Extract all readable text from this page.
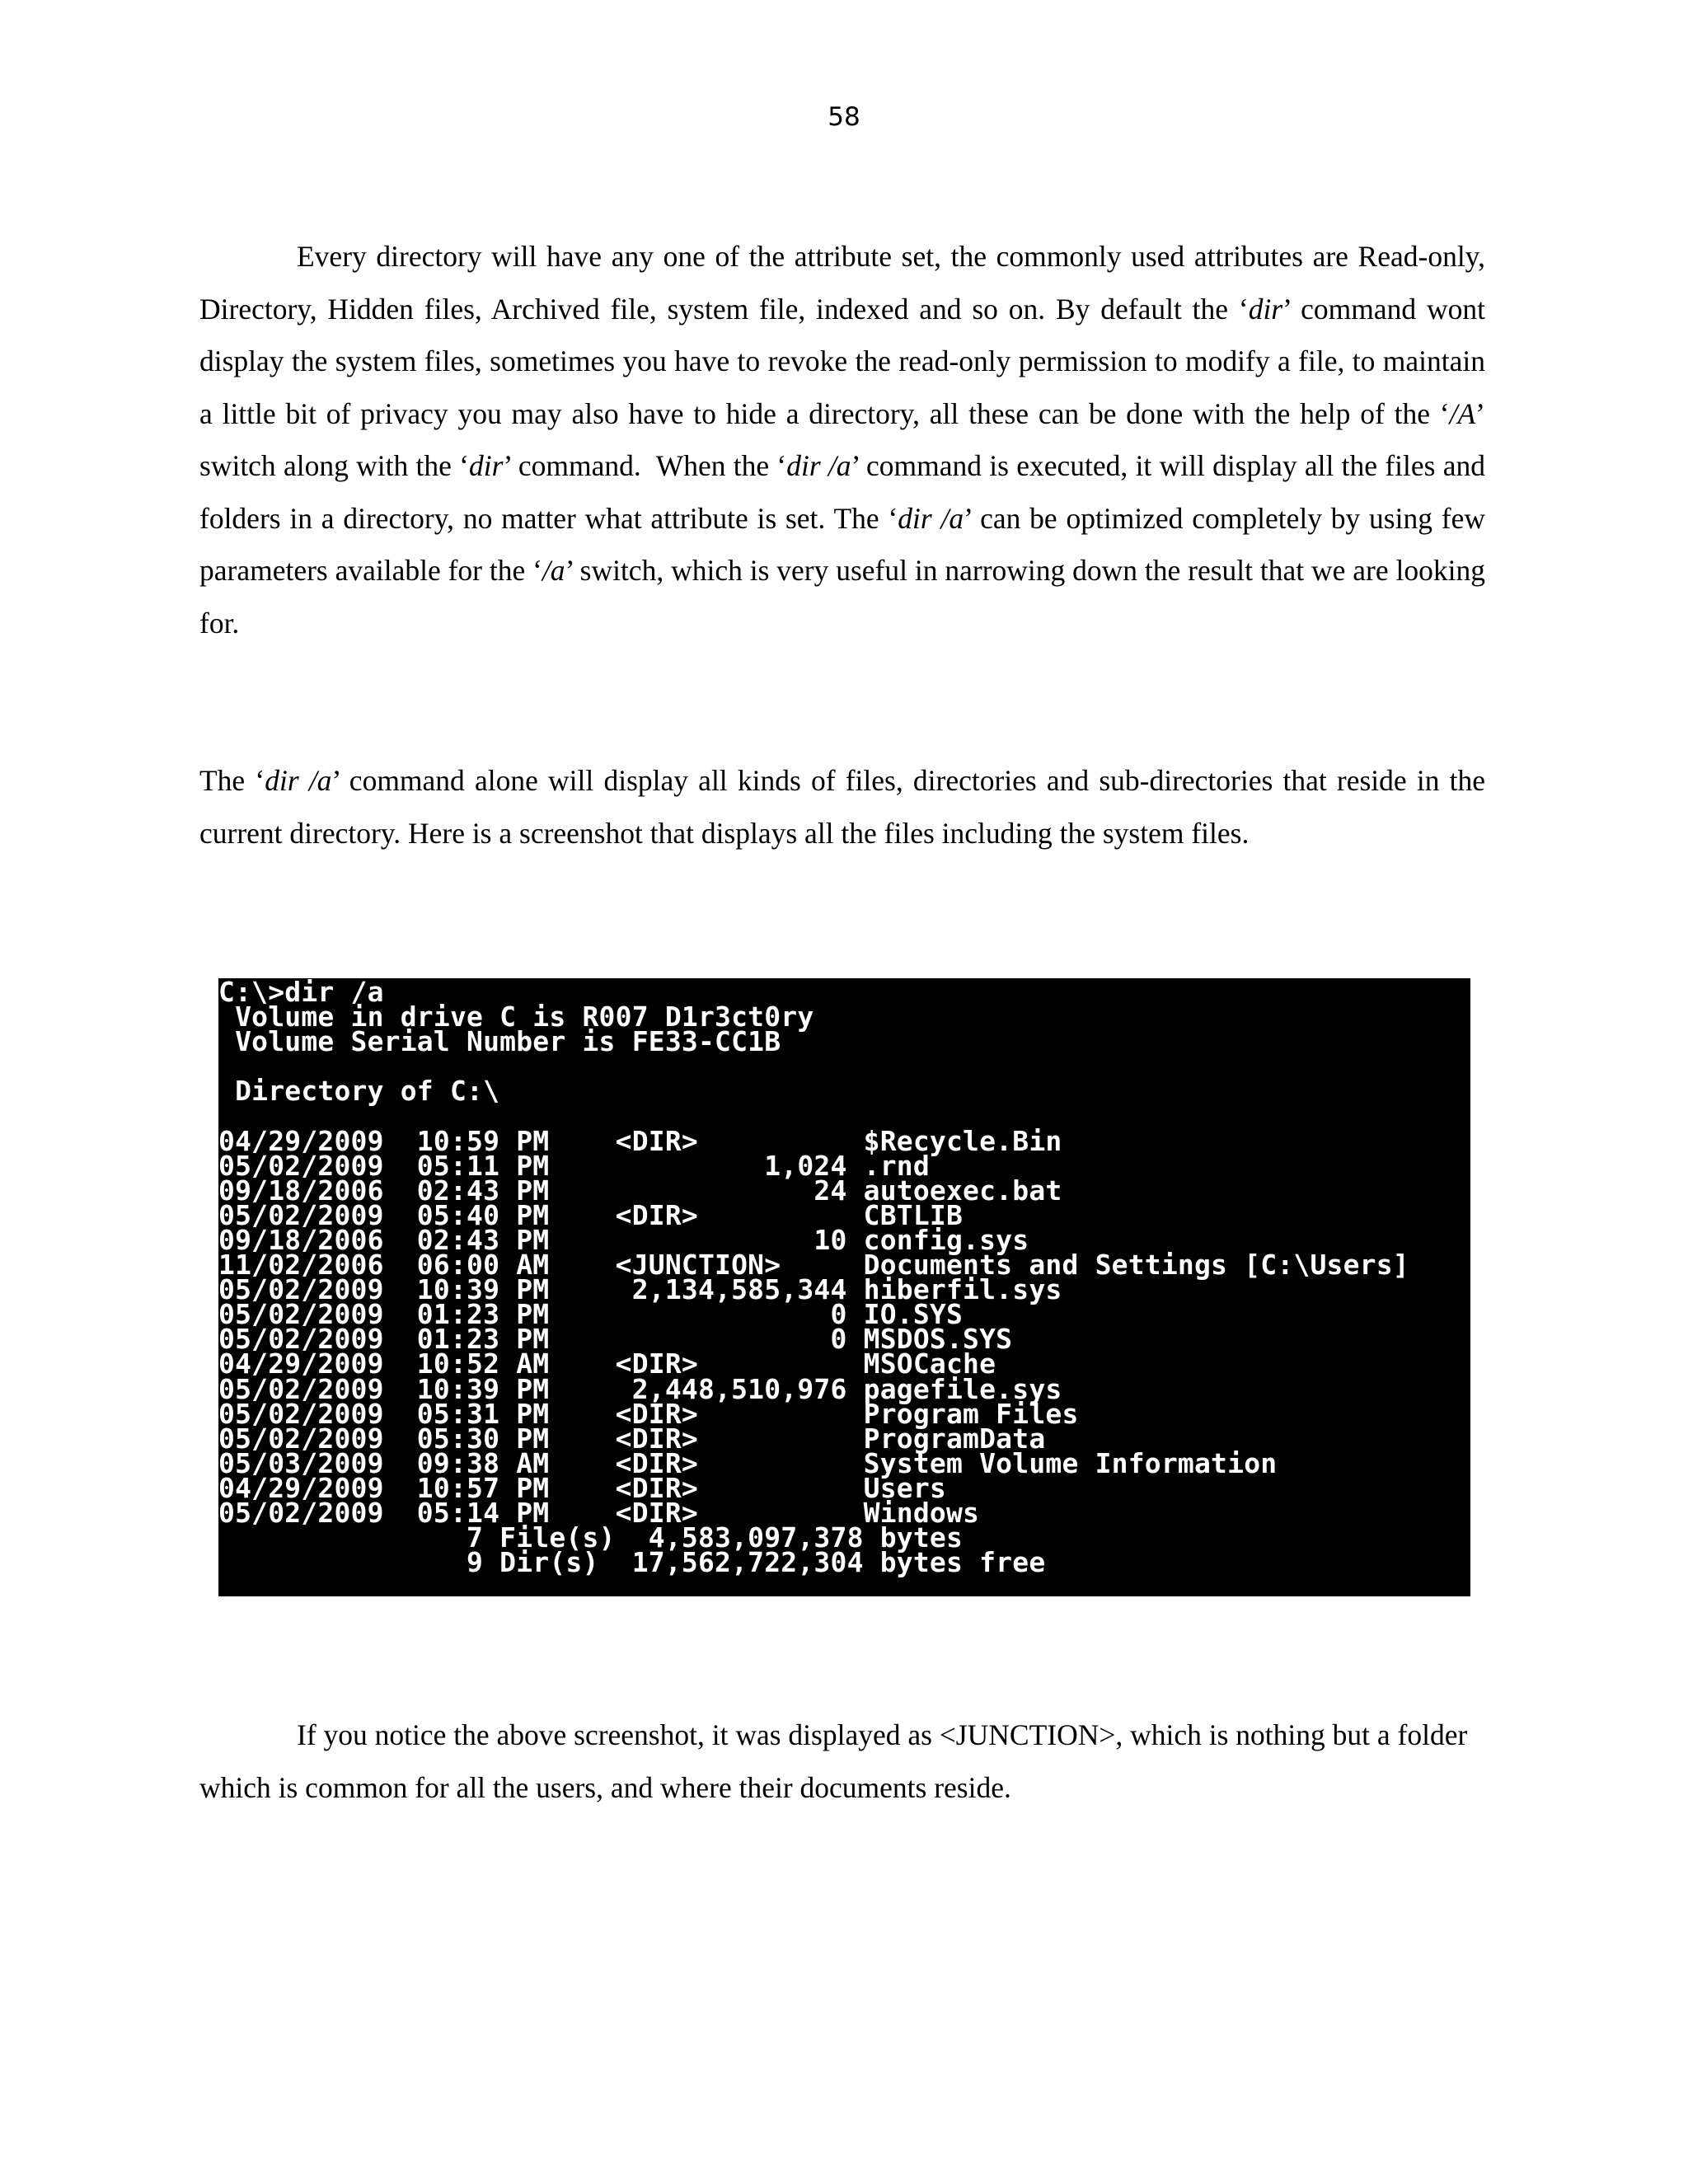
58

Every directory will have any one of the attribute set, the commonly used attributes are Read-only, Directory, Hidden files, Archived file, system file, indexed and so on. By default the ‘dir’ command wont display the system files, sometimes you have to revoke the read-only permission to modify a file, to maintain a little bit of privacy you may also have to hide a directory, all these can be done with the help of the ‘/A’ switch along with the ‘dir’ command.  When the ‘dir /a’ command is executed, it will display all the files and folders in a directory, no matter what attribute is set. The ‘dir /a’ can be optimized completely by using few parameters available for the ‘/a’ switch, which is very useful in narrowing down the result that we are looking for.

The ‘dir /a’ command alone will display all kinds of files, directories and sub-directories that reside in the current directory. Here is a screenshot that displays all the files including the system files.

C:\>dir /a
Volume in drive C is R007 D1r3ct0ry
Volume Serial Number is FE33-CC1B

Directory of C:\

04/29/2009  10:59 PM    <DIR>          $Recycle.Bin
05/02/2009  05:11 PM             1,024 .rnd
09/18/2006  02:43 PM                24 autoexec.bat
05/02/2009  05:40 PM    <DIR>          CBTLIB
09/18/2006  02:43 PM                10 config.sys
11/02/2006  06:00 AM    <JUNCTION>     Documents and Settings [C:\Users]
05/02/2009  10:39 PM     2,134,585,344 hiberfil.sys
05/02/2009  01:23 PM                 0 IO.SYS
05/02/2009  01:23 PM                 0 MSDOS.SYS
04/29/2009  10:52 AM    <DIR>          MSOCache
05/02/2009  10:39 PM     2,448,510,976 pagefile.sys
05/02/2009  05:31 PM    <DIR>          Program Files
05/02/2009  05:30 PM    <DIR>          ProgramData
05/03/2009  09:38 AM    <DIR>          System Volume Information
04/29/2009  10:57 PM    <DIR>          Users
05/02/2009  05:14 PM    <DIR>          Windows
7 File(s)  4,583,097,378 bytes
9 Dir(s)  17,562,722,304 bytes free

If you notice the above screenshot, it was displayed as <JUNCTION>, which is nothing but a folder which is common for all the users, and where their documents reside.
